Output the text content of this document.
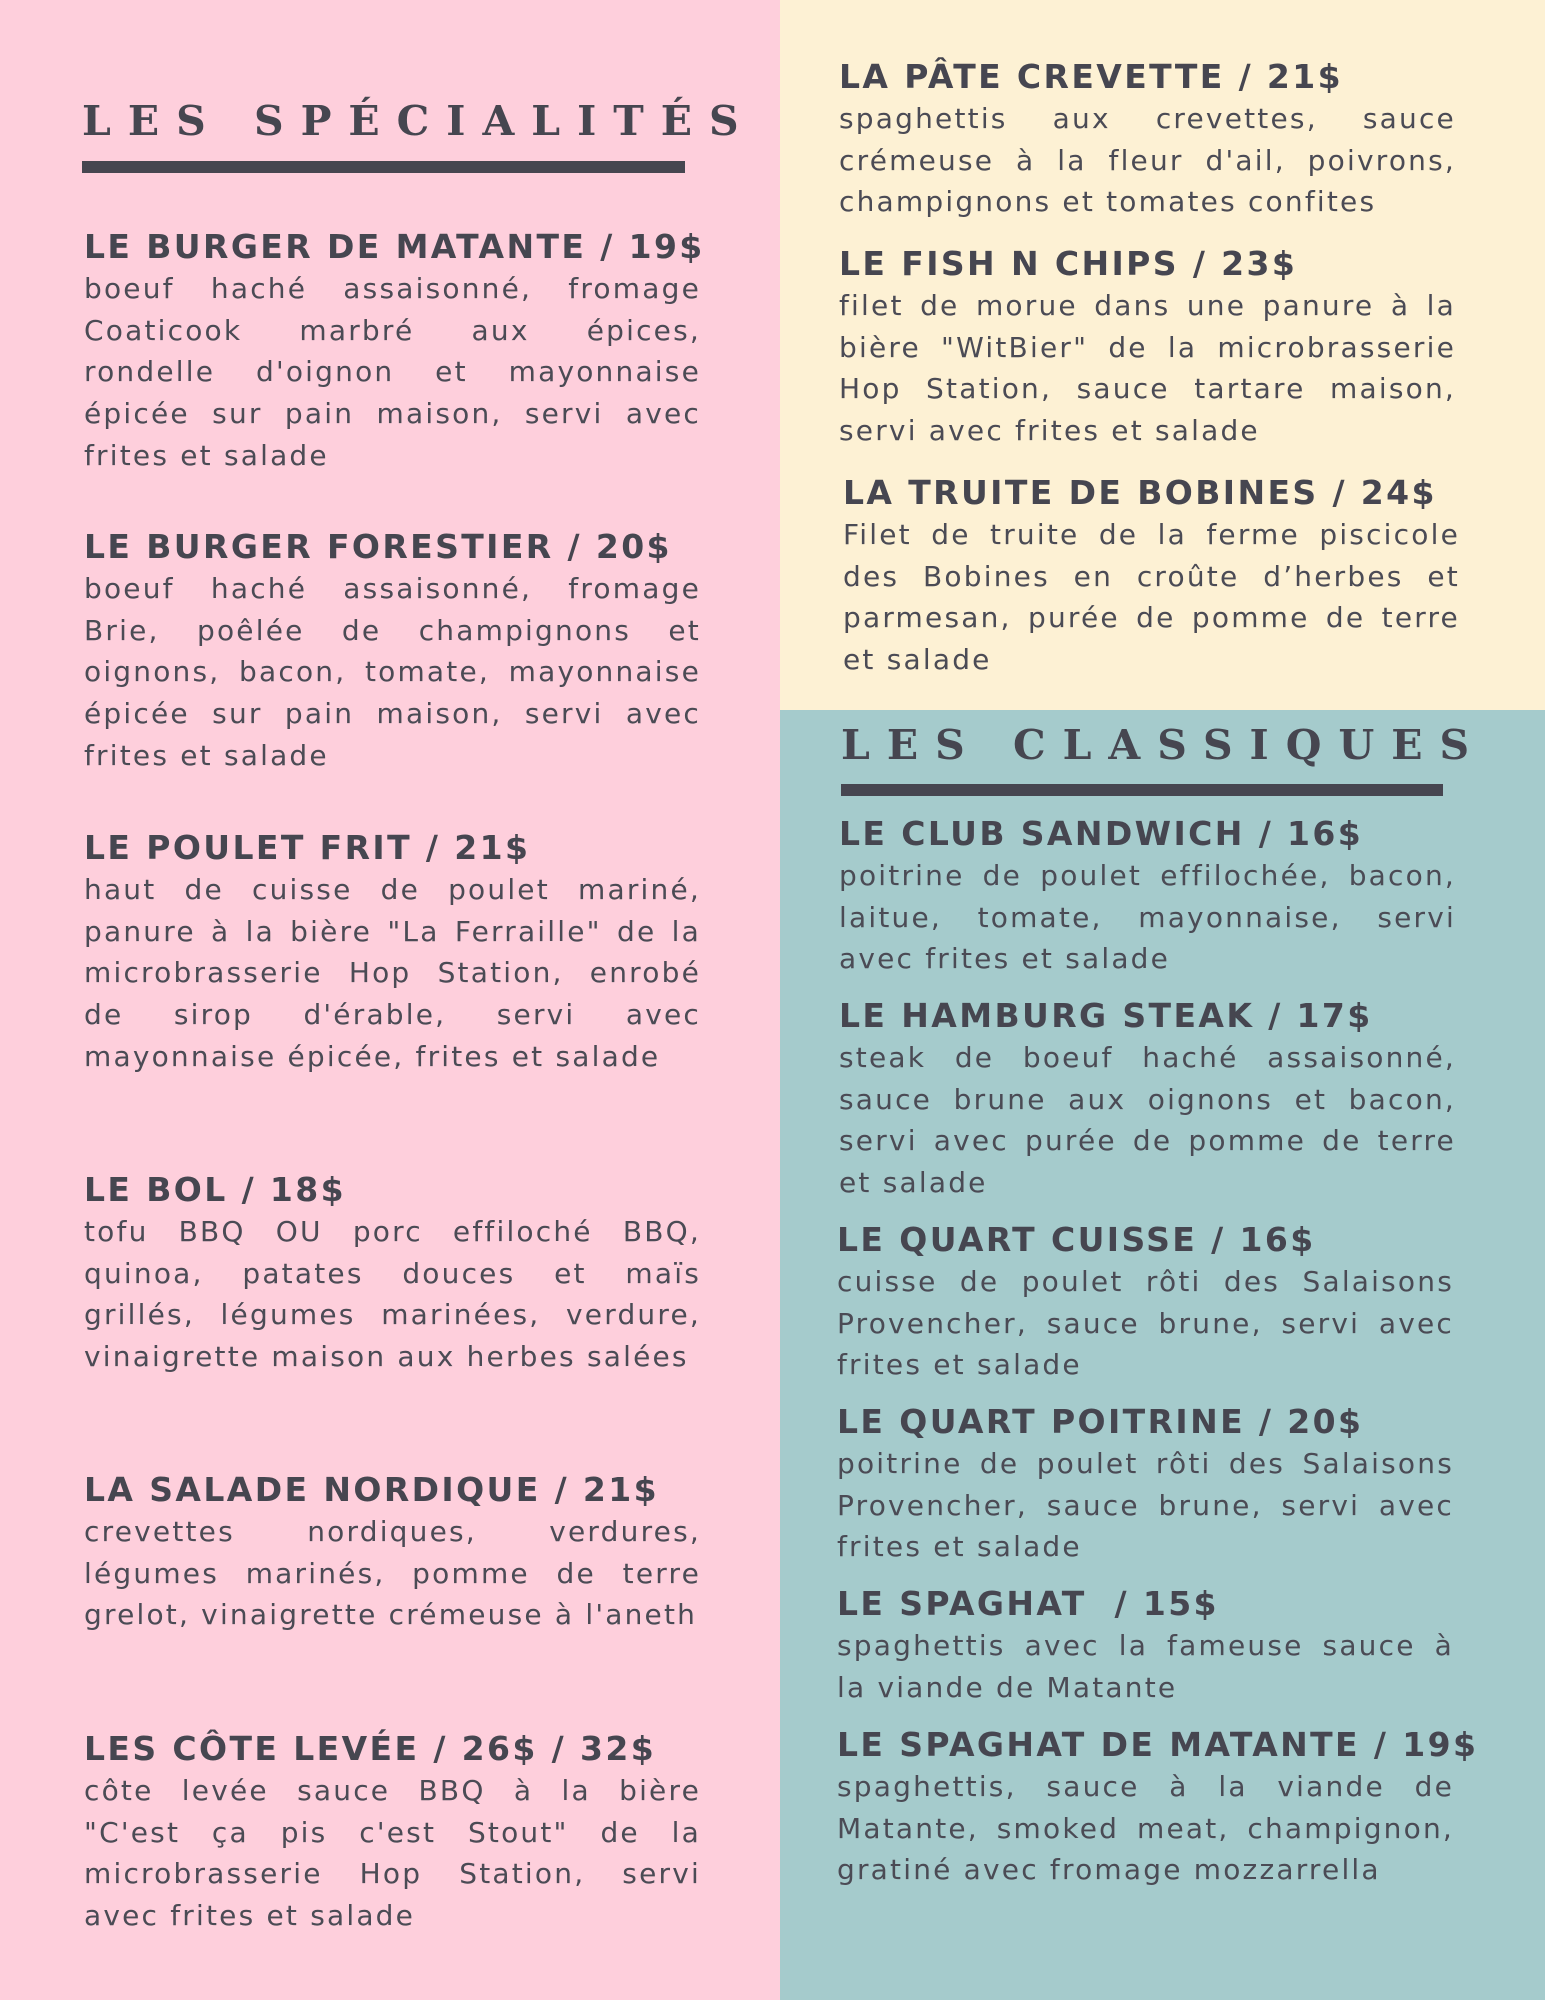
LES SPÉCIALITÉS
LE BURGER DE MATANTE / 19$

boeuf haché assaisonné, fromage Coaticook marbré aux épices, rondelle d'oignon et mayonnaise épicée sur pain maison, servi avec frites et salade

LE BURGER FORESTIER / 20$

boeuf haché assaisonné, fromage Brie, poêlée de champignons et oignons, bacon, tomate, mayonnaise épicée sur pain maison, servi avec frites et salade

LE POULET FRIT / 21$

haut de cuisse de poulet mariné, panure à la bière "La Ferraille" de la microbrasserie Hop Station, enrobé de sirop d'érable, servi avec mayonnaise épicée, frites et salade

LE BOL / 18$

tofu BBQ OU porc effiloché BBQ, quinoa, patates douces et maïs grillés, légumes marinées, verdure, vinaigrette maison aux herbes salées

LA SALADE NORDIQUE / 21$

crevettes nordiques, verdures, légumes marinés, pomme de terre grelot, vinaigrette crémeuse à l'aneth

LES CÔTE LEVÉE / 26$ / 32$

côte levée sauce BBQ à la bière "C'est ça pis c'est Stout" de la microbrasserie Hop Station, servi avec frites et salade

LA PÂTE CREVETTE / 21$

spaghettis aux crevettes, sauce crémeuse à la fleur d'ail, poivrons, champignons et tomates confites

LE FISH N CHIPS / 23$

filet de morue dans une panure à la bière "WitBier" de la microbrasserie Hop Station, sauce tartare maison, servi avec frites et salade

LA TRUITE DE BOBINES / 24$

Filet de truite de la ferme piscicole des Bobines en croûte d’herbes et parmesan, purée de pomme de terre et salade

LES CLASSIQUES
LE CLUB SANDWICH / 16$

poitrine de poulet effilochée, bacon, laitue, tomate, mayonnaise, servi avec frites et salade

LE HAMBURG STEAK / 17$

steak de boeuf haché assaisonné, sauce brune aux oignons et bacon, servi avec purée de pomme de terre et salade

LE QUART CUISSE / 16$

cuisse de poulet rôti des Salaisons Provencher, sauce brune, servi avec frites et salade

LE QUART POITRINE / 20$

poitrine de poulet rôti des Salaisons Provencher, sauce brune, servi avec frites et salade

LE SPAGHAT  / 15$

spaghettis avec la fameuse sauce à la viande de Matante

LE SPAGHAT DE MATANTE / 19$

spaghettis, sauce à la viande de Matante, smoked meat, champignon, gratiné avec fromage mozzarrella
